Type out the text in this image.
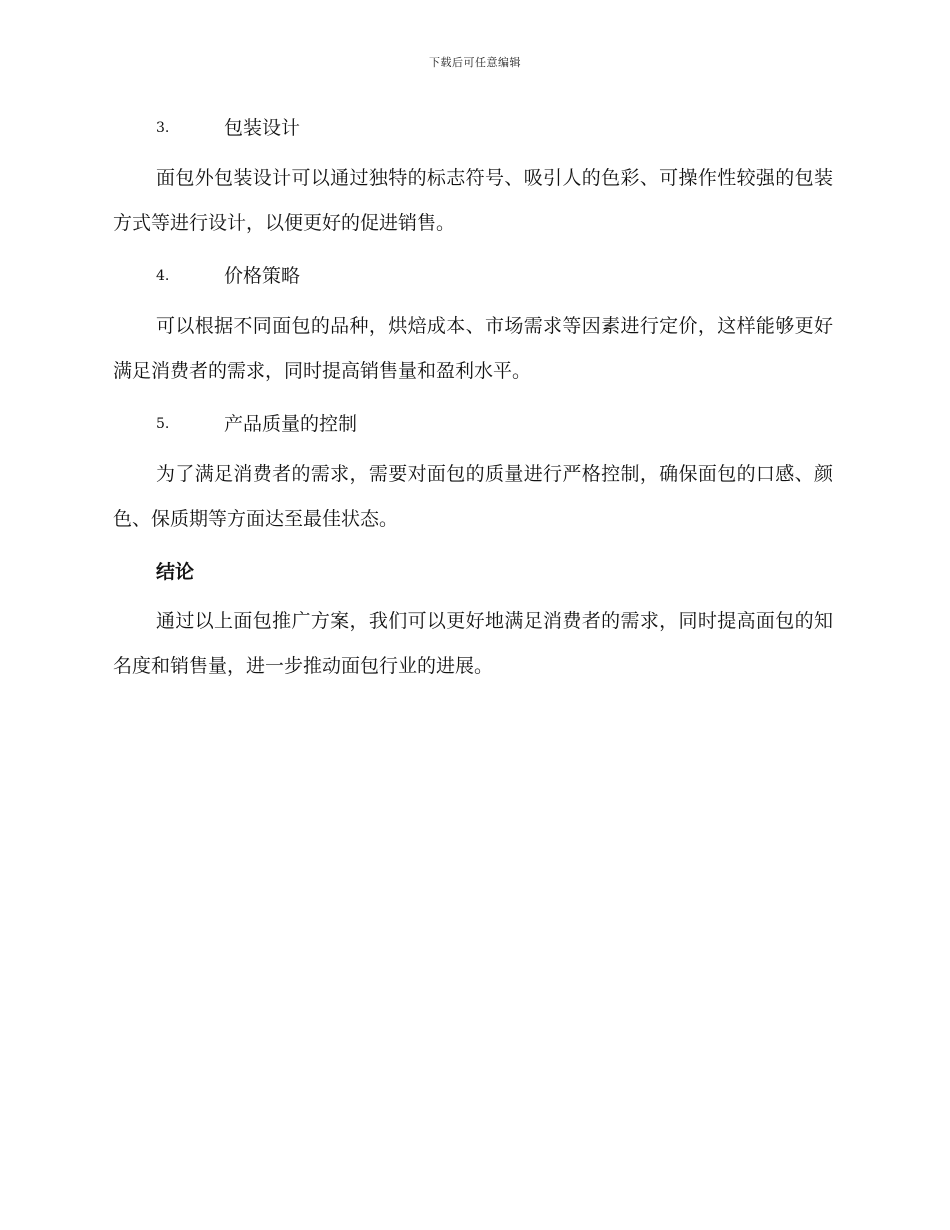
下载后可任意编辑
3.	包装设计

面包外包装设计可以通过独特的标志符号、吸引人的色彩、可操作性较强的包装方式等进行设计，以便更好的促进销售。

4.	价格策略

可以根据不同面包的品种，烘焙成本、市场需求等因素进行定价，这样能够更好满足消费者的需求，同时提高销售量和盈利水平。

5.	产品质量的控制

为了满足消费者的需求，需要对面包的质量进行严格控制，确保面包的口感、颜色、保质期等方面达至最佳状态。

结论

通过以上面包推广方案，我们可以更好地满足消费者的需求，同时提高面包的知名度和销售量，进一步推动面包行业的进展。
